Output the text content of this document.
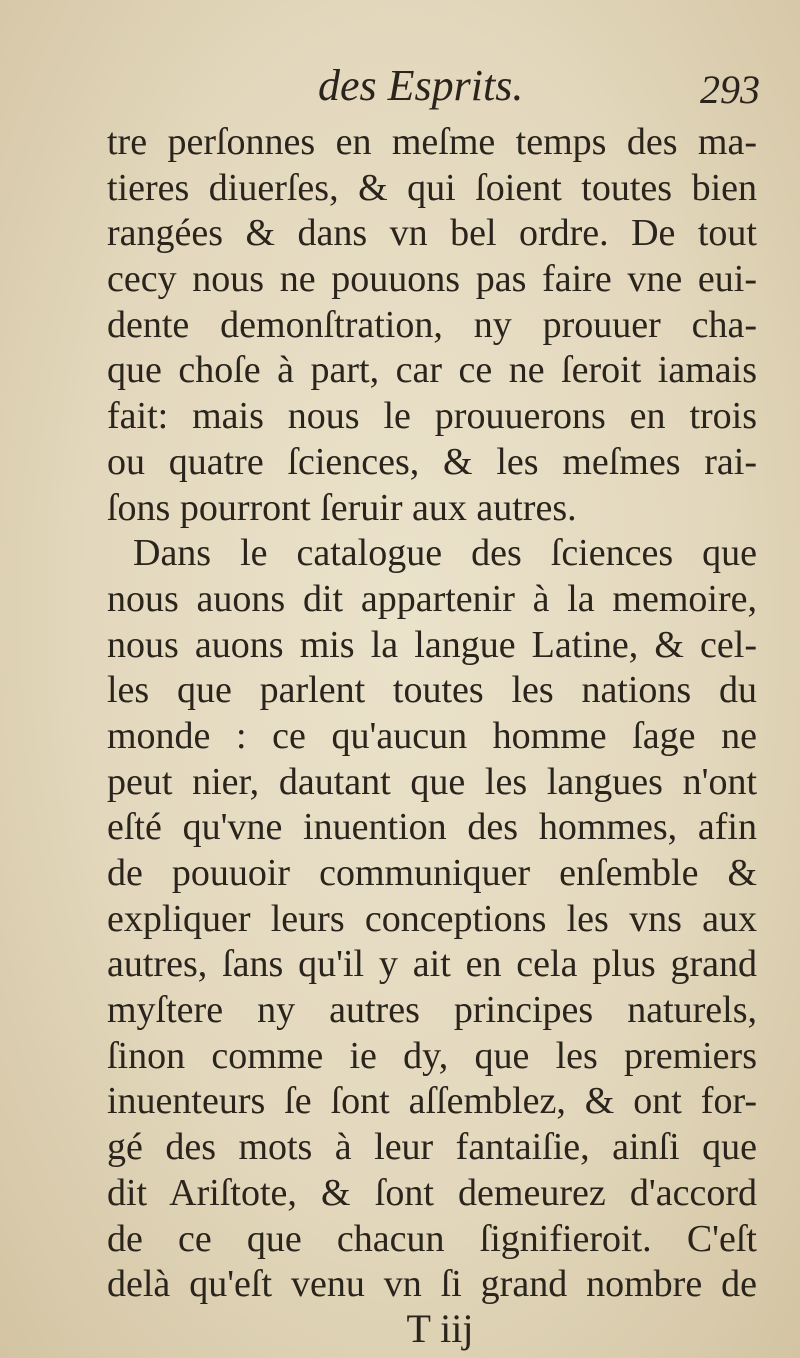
des Esprits.	293
tre perſonnes en meſme temps des ma-
tieres diuerſes, & qui ſoient toutes bien
rangées & dans vn bel ordre. De tout
cecy nous ne pouuons pas faire vne eui-
dente demonſtration, ny prouuer cha-
que choſe à part, car ce ne ſeroit iamais
fait: mais nous le prouuerons en trois
ou quatre ſciences, & les meſmes rai-
ſons pourront ſeruir aux autres.
Dans le catalogue des ſciences que
nous auons dit appartenir à la memoire,
nous auons mis la langue Latine, & cel-
les que parlent toutes les nations du
monde : ce qu'aucun homme ſage ne
peut nier, dautant que les langues n'ont
eſté qu'vne inuention des hommes, afin
de pouuoir communiquer enſemble &
expliquer leurs conceptions les vns aux
autres, ſans qu'il y ait en cela plus grand
myſtere ny autres principes naturels,
ſinon comme ie dy, que les premiers
inuenteurs ſe ſont aſſemblez, & ont for-
gé des mots à leur fantaiſie, ainſi que
dit Ariſtote, & ſont demeurez d'accord
de ce que chacun ſignifieroit. C'eſt
delà qu'eſt venu vn ſi grand nombre de
T iij
